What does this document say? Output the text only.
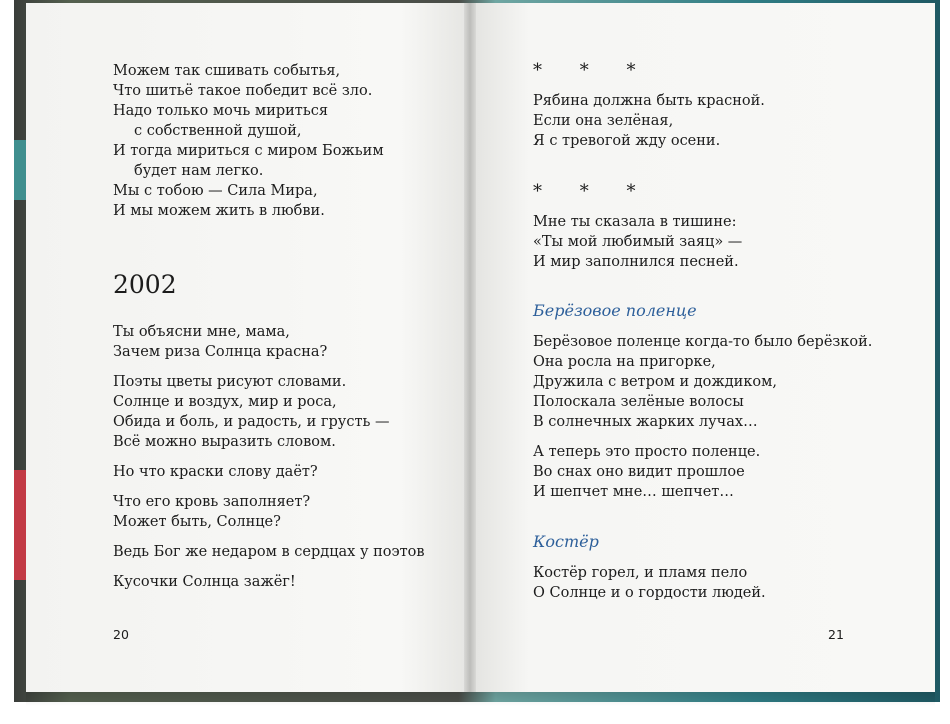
Можем так сшивать событья,
Что шитьё такое победит всё зло.
Надо только мочь мириться
с собственной душой,
И тогда мириться с миром Божьим
будет нам легко.
Мы с тобою — Сила Мира,
И мы можем жить в любви.
2002
Ты объясни мне, мама,
Зачем риза Солнца красна?
Поэты цветы рисуют словами.
Солнце и воздух, мир и роса,
Обида и боль, и радость, и грусть —
Всё можно выразить словом.
Но что краски слову даёт?
Что его кровь заполняет?
Может быть, Солнце?
Ведь Бог же недаром в сердцах у поэтов
Кусочки Солнца зажёг!
20
* * *
Рябина должна быть красной.
Если она зелёная,
Я с тревогой жду осени.
* * *
Мне ты сказала в тишине:
«Ты мой любимый заяц» —
И мир заполнился песней.
Берёзовое поленце
Берёзовое поленце когда-то было берёзкой.
Она росла на пригорке,
Дружила с ветром и дождиком,
Полоскала зелёные волосы
В солнечных жарких лучах…
А теперь это просто поленце.
Во снах оно видит прошлое
И шепчет мне… шепчет…
Костёр
Костёр горел, и пламя пело
О Солнце и о гордости людей.
21
